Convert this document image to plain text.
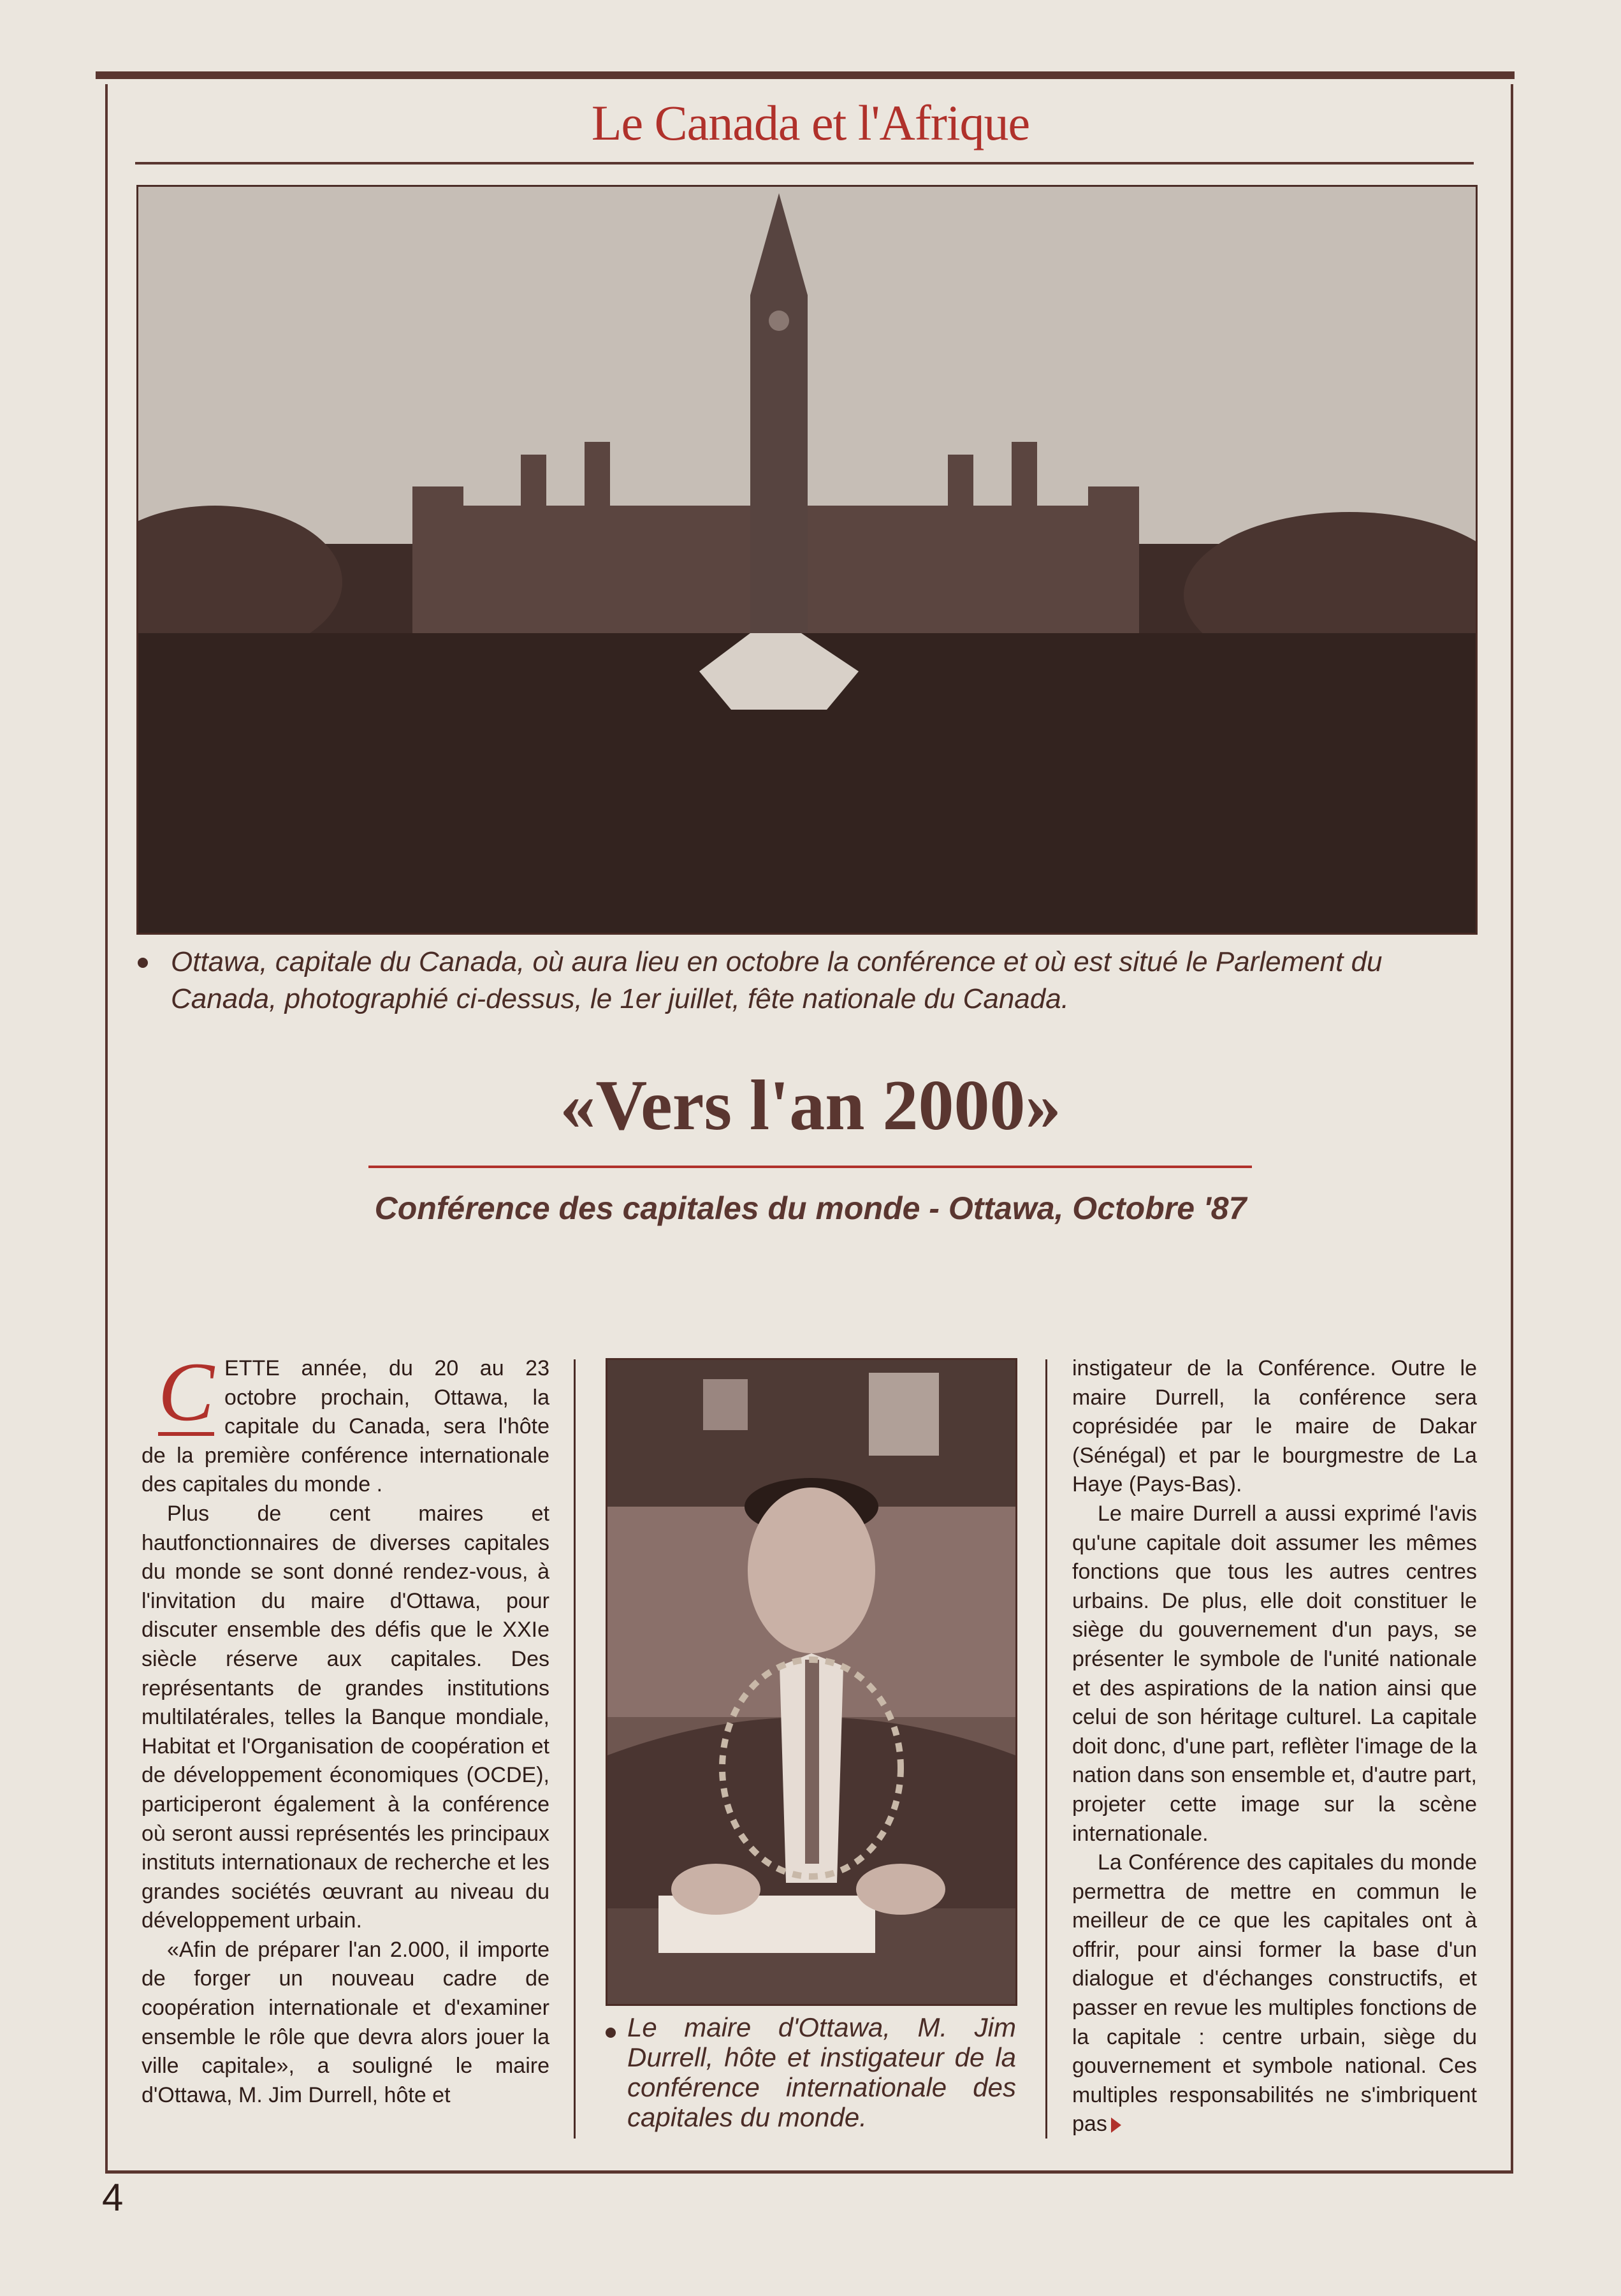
Le Canada et l'Afrique
Ottawa, capitale du Canada, où aura lieu en octobre la conférence et où est situé le Parlement du Canada, photographié ci-dessus, le 1er juillet, fête nationale du Canada.
«Vers l'an 2000»
Conférence des capitales du monde - Ottawa, Octobre '87

C ETTE année, du 20 au 23 octobre prochain, Ottawa, la capitale du Canada, sera l'hôte de la première conférence internationale des capitales du monde .

Plus de cent maires et hautfonctionnaires de diverses capitales du monde se sont donné rendez-vous, à l'invitation du maire d'Ottawa, pour discuter ensemble des défis que le XXIe siècle réserve aux capitales. Des représentants de grandes institutions multilatérales, telles la Banque mondiale, Habitat et l'Organisation de coopération et de développement économiques (OCDE), participeront également à la conférence où seront aussi représentés les principaux instituts internationaux de recherche et les grandes sociétés œuvrant au niveau du développement urbain.

«Afin de préparer l'an 2.000, il importe de forger un nouveau cadre de coopération internationale et d'examiner ensemble le rôle que devra alors jouer la ville capitale», a souligné le maire d'Ottawa, M. Jim Durrell, hôte et

Le maire d'Ottawa, M. Jim Durrell, hôte et instigateur de la conférence internationale des capitales du monde.

instigateur de la Conférence. Outre le maire Durrell, la conférence sera coprésidée par le maire de Dakar (Sénégal) et par le bourgmestre de La Haye (Pays-Bas).

Le maire Durrell a aussi exprimé l'avis qu'une capitale doit assumer les mêmes fonctions que tous les autres centres urbains. De plus, elle doit constituer le siège du gouvernement d'un pays, se présenter le symbole de l'unité nationale et des aspirations de la nation ainsi que celui de son héritage culturel. La capitale doit donc, d'une part, reflèter l'image de la nation dans son ensemble et, d'autre part, projeter cette image sur la scène internationale.

La Conférence des capitales du monde permettra de mettre en commun le meilleur de ce que les capitales ont à offrir, pour ainsi former la base d'un dialogue et d'échanges constructifs, et passer en revue les multiples fonctions de la capitale : centre urbain, siège du gouvernement et symbole national. Ces multiples responsabilités ne s'imbriquent pas

4
